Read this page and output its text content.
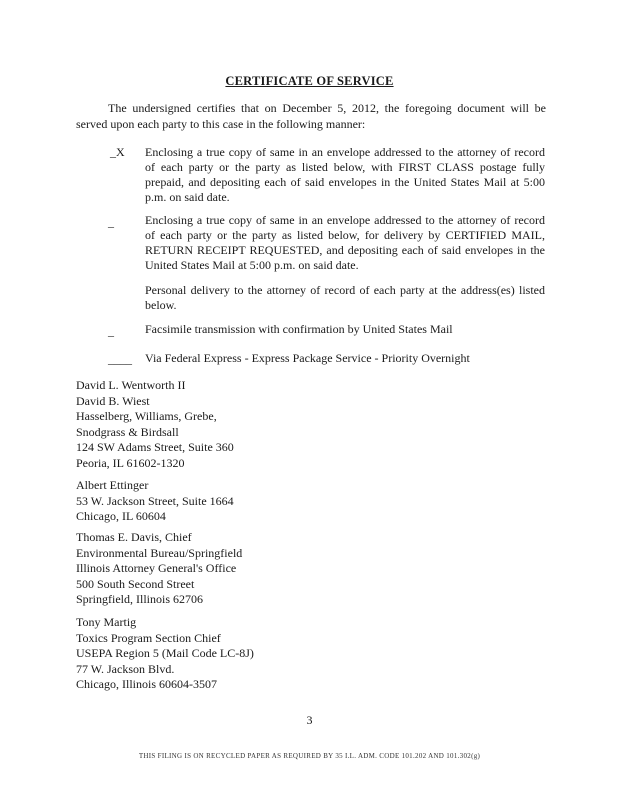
CERTIFICATE OF SERVICE
The undersigned certifies that on December 5, 2012, the foregoing document will be served upon each party to this case in the following manner:
_X Enclosing a true copy of same in an envelope addressed to the attorney of record of each party or the party as listed below, with FIRST CLASS postage fully prepaid, and depositing each of said envelopes in the United States Mail at 5:00 p.m. on said date.
_	Enclosing a true copy of same in an envelope addressed to the attorney of record of each party or the party as listed below, for delivery by CERTIFIED MAIL, RETURN RECEIPT REQUESTED, and depositing each of said envelopes in the United States Mail at 5:00 p.m. on said date.
Personal delivery to the attorney of record of each party at the address(es) listed below.
_	Facsimile transmission with confirmation by United States Mail
____ Via Federal Express - Express Package Service - Priority Overnight
David L. Wentworth II
David B. Wiest
Hasselberg, Williams, Grebe,
Snodgrass & Birdsall
124 SW Adams Street, Suite 360
Peoria, IL 61602-1320
Albert Ettinger
53 W. Jackson Street, Suite 1664
Chicago, IL 60604
Thomas E. Davis, Chief
Environmental Bureau/Springfield
Illinois Attorney General's Office
500 South Second Street
Springfield, Illinois 62706
Tony Martig
Toxics Program Section Chief
USEPA Region 5 (Mail Code LC-8J)
77 W. Jackson Blvd.
Chicago, Illinois 60604-3507
3
THIS FILING IS ON RECYCLED PAPER AS REQUIRED BY 35 I.L. ADM. CODE 101.202 AND 101.302(g)
